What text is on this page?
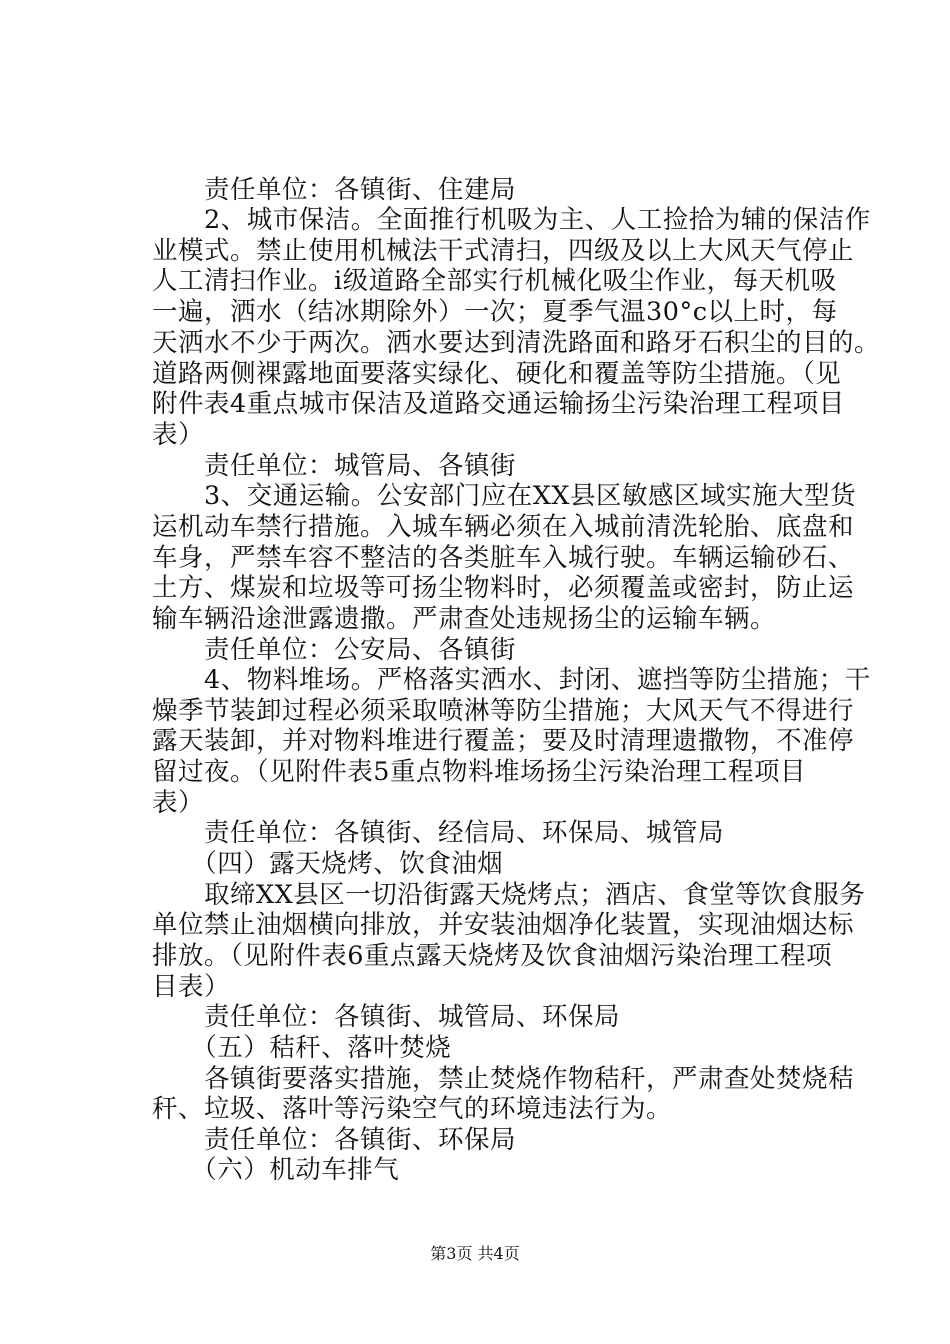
　　责任单位：各镇街、住建局
　　2、城市保洁。全面推行机吸为主、人工捡拾为辅的保洁作
业模式。禁止使用机械法干式清扫，四级及以上大风天气停止
人工清扫作业。i级道路全部实行机械化吸尘作业，每天机吸
一遍，洒水（结冰期除外）一次；夏季气温30°c以上时，每
天洒水不少于两次。洒水要达到清洗路面和路牙石积尘的目的。
道路两侧裸露地面要落实绿化、硬化和覆盖等防尘措施。（见
附件表4重点城市保洁及道路交通运输扬尘污染治理工程项目
表）
　　责任单位：城管局、各镇街
　　3、交通运输。公安部门应在XX县区敏感区域实施大型货
运机动车禁行措施。入城车辆必须在入城前清洗轮胎、底盘和
车身，严禁车容不整洁的各类脏车入城行驶。车辆运输砂石、
土方、煤炭和垃圾等可扬尘物料时，必须覆盖或密封，防止运
输车辆沿途泄露遗撒。严肃查处违规扬尘的运输车辆。
　　责任单位：公安局、各镇街
　　4、物料堆场。严格落实洒水、封闭、遮挡等防尘措施；干
燥季节装卸过程必须采取喷淋等防尘措施；大风天气不得进行
露天装卸，并对物料堆进行覆盖；要及时清理遗撒物，不准停
留过夜。（见附件表5重点物料堆场扬尘污染治理工程项目
表）
　　责任单位：各镇街、经信局、环保局、城管局
　　（四）露天烧烤、饮食油烟
　　取缔XX县区一切沿街露天烧烤点；酒店、食堂等饮食服务
单位禁止油烟横向排放，并安装油烟净化装置，实现油烟达标
排放。（见附件表6重点露天烧烤及饮食油烟污染治理工程项
目表）
　　责任单位：各镇街、城管局、环保局
　　（五）秸秆、落叶焚烧
　　各镇街要落实措施，禁止焚烧作物秸秆，严肃查处焚烧秸
秆、垃圾、落叶等污染空气的环境违法行为。
　　责任单位：各镇街、环保局
　　（六）机动车排气
第3页 共4页
